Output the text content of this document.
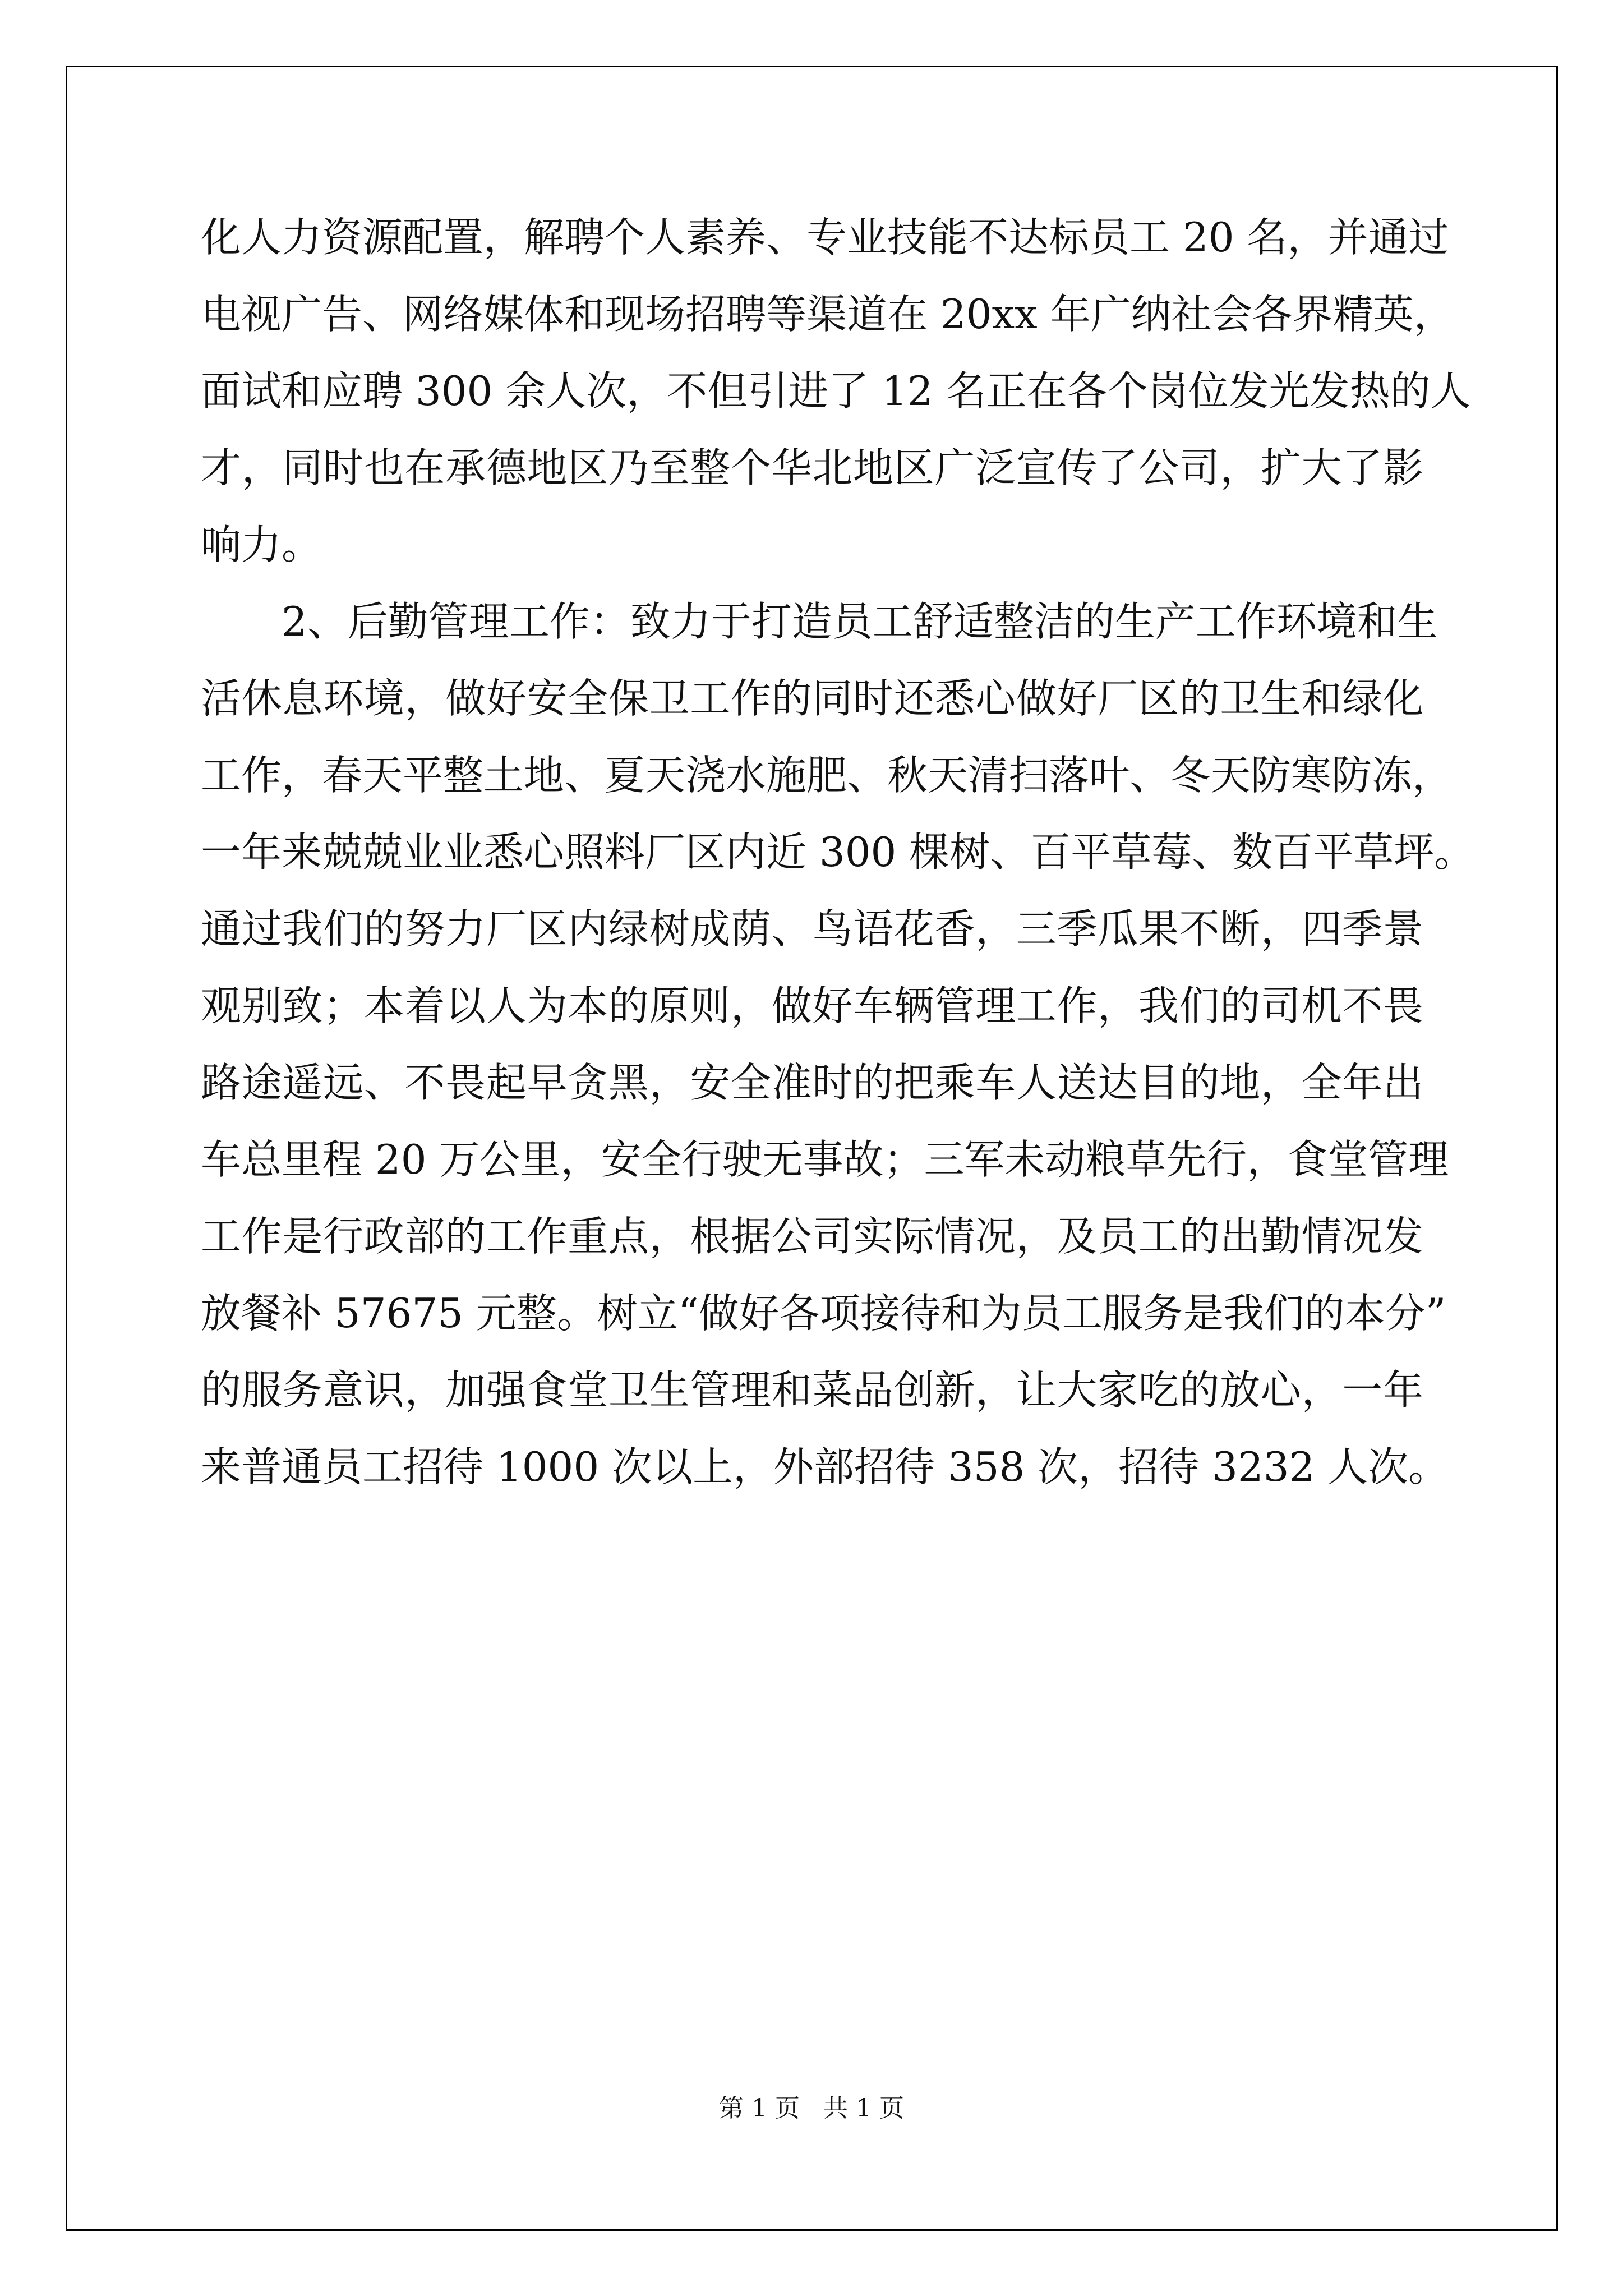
化人力资源配置，解聘个人素养、专业技能不达标员工 20 名，并通过
电视广告、网络媒体和现场招聘等渠道在 20xx 年广纳社会各界精英，
面试和应聘 300 余人次，不但引进了 12 名正在各个岗位发光发热的人
才，同时也在承德地区乃至整个华北地区广泛宣传了公司，扩大了影
响力。
2、后勤管理工作：致力于打造员工舒适整洁的生产工作环境和生
活休息环境，做好安全保卫工作的同时还悉心做好厂区的卫生和绿化
工作，春天平整土地、夏天浇水施肥、秋天清扫落叶、冬天防寒防冻，
一年来兢兢业业悉心照料厂区内近 300 棵树、百平草莓、数百平草坪。
通过我们的努力厂区内绿树成荫、鸟语花香，三季瓜果不断，四季景
观别致；本着以人为本的原则，做好车辆管理工作，我们的司机不畏
路途遥远、不畏起早贪黑，安全准时的把乘车人送达目的地，全年出
车总里程 20 万公里，安全行驶无事故；三军未动粮草先行，食堂管理
工作是行政部的工作重点，根据公司实际情况，及员工的出勤情况发
放餐补 57675 元整。树立“做好各项接待和为员工服务是我们的本分”
的服务意识，加强食堂卫生管理和菜品创新，让大家吃的放心，一年
来普通员工招待 1000 次以上，外部招待 358 次，招待 3232 人次。
第 1 页 共 1 页
